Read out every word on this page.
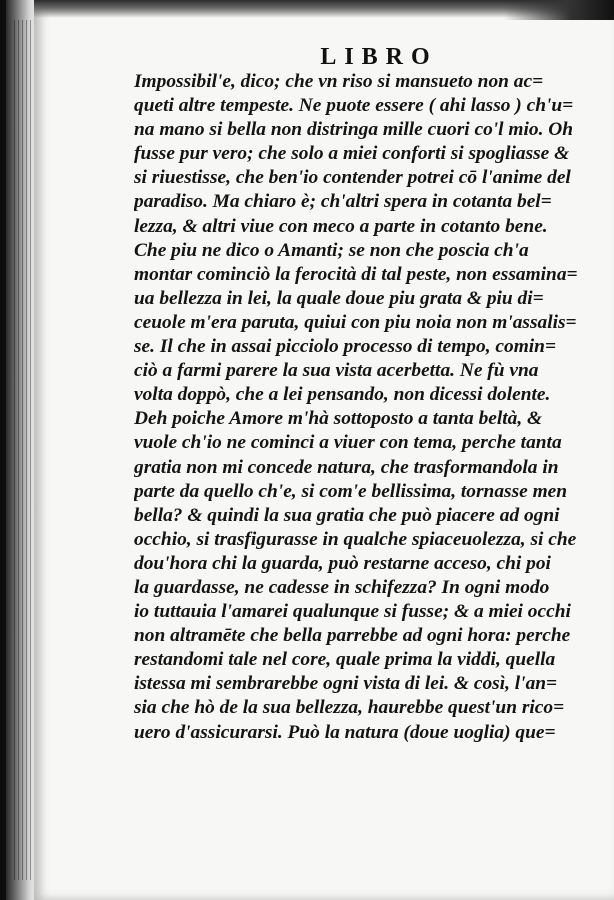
LIBRO
Impossibil'e, dico; che vn riso si mansueto non ac=
queti altre tempeste. Ne puote essere ( ahi lasso ) ch'u=
na mano si bella non distringa mille cuori co'l mio. Oh
fusse pur vero; che solo a miei conforti si spogliasse &
si riuestisse, che ben'io contender potrei cō l'anime del
paradiso. Ma chiaro è; ch'altri spera in cotanta bel=
lezza, & altri viue con meco a parte in cotanto bene.
Che piu ne dico o Amanti; se non che poscia ch'a
montar cominciò la ferocità di tal peste, non essamina=
ua bellezza in lei, la quale doue piu grata & piu di=
ceuole m'era paruta, quiui con piu noia non m'assalis=
se. Il che in assai picciolo processo di tempo, comin=
ciò a farmi parere la sua vista acerbetta. Ne fù vna
volta doppò, che a lei pensando, non dicessi dolente.
Deh poiche Amore m'hà sottoposto a tanta beltà, &
vuole ch'io ne cominci a viuer con tema, perche tanta
gratia non mi concede natura, che trasformandola in
parte da quello ch'e, si com'e bellissima, tornasse men
bella? & quindi la sua gratia che può piacere ad ogni
occhio, si trasfigurasse in qualche spiaceuolezza, si che
dou'hora chi la guarda, può restarne acceso, chi poi
la guardasse, ne cadesse in schifezza? In ogni modo
io tuttauia l'amarei qualunque si fusse; & a miei occhi
non altramēte che bella parrebbe ad ogni hora: perche
restandomi tale nel core, quale prima la viddi, quella
istessa mi sembrarebbe ogni vista di lei. & così, l'an=
sia che hò de la sua bellezza, haurebbe quest'un rico=
uero d'assicurarsi. Può la natura (doue uoglia) que=
